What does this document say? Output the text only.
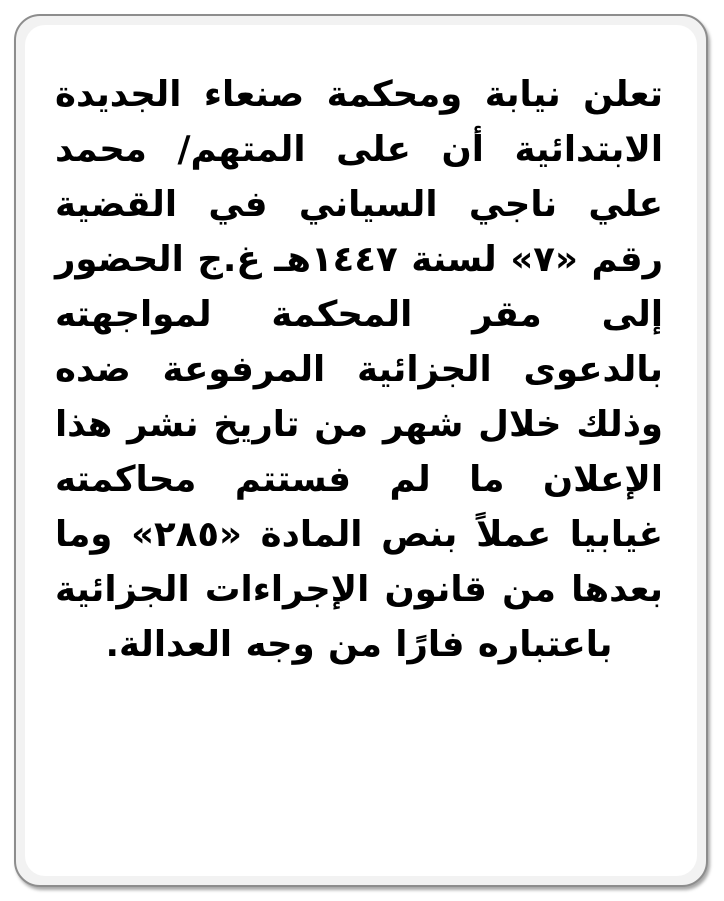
تعلن نيابة ومحكمة صنعاء الجديدة الابتدائية أن على المتهم/ محمد علي ناجي السياني في القضية رقم «٧» لسنة ١٤٤٧هـ غ.ج الحضور إلى مقر المحكمة لمواجهته بالدعوى الجزائية المرفوعة ضده وذلك خلال شهر من تاريخ نشر هذا الإعلان ما لم فستتم محاكمته غيابيا عملاً بنص المادة «٢٨٥» وما بعدها من قانون الإجراءات الجزائية باعتباره فارًا من وجه العدالة.
